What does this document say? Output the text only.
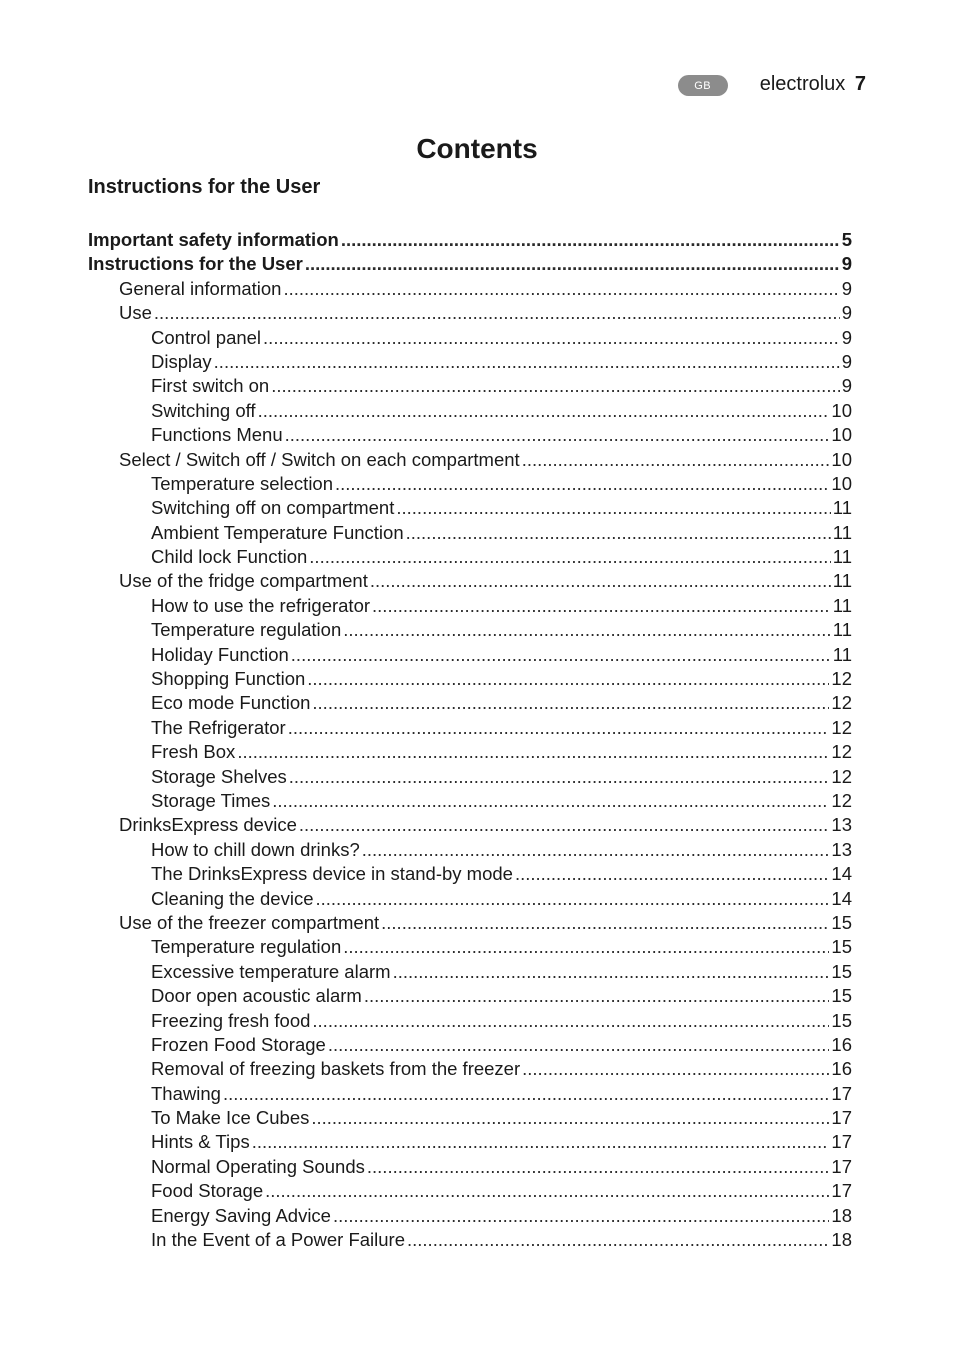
GB	electrolux 7
Contents
Instructions for the User
Important safety information .....	5
Instructions for the User .....	9
General information .....	9
Use .....	9
Control panel .....	9
Display .....	9
First switch on .....	9
Switching off .....	10
Functions Menu .....	10
Select / Switch off / Switch on each compartment .....	10
Temperature selection .....	10
Switching off on compartment .....	11
Ambient Temperature Function .....	11
Child lock Function .....	11
Use of the fridge compartment .....	11
How to use the refrigerator .....	11
Temperature regulation .....	11
Holiday Function .....	11
Shopping Function .....	12
Eco mode Function .....	12
The Refrigerator .....	12
Fresh Box .....	12
Storage Shelves .....	12
Storage Times .....	12
DrinksExpress device .....	13
How to chill down drinks? .....	13
The DrinksExpress device in stand-by mode .....	14
Cleaning the device .....	14
Use of the freezer compartment .....	15
Temperature regulation .....	15
Excessive temperature alarm .....	15
Door open acoustic alarm .....	15
Freezing fresh food .....	15
Frozen Food Storage .....	16
Removal of freezing baskets from the freezer .....	16
Thawing .....	17
To Make Ice Cubes .....	17
Hints & Tips .....	17
Normal Operating Sounds .....	17
Food Storage .....	17
Energy Saving Advice .....	18
In the Event of a Power Failure .....	18
